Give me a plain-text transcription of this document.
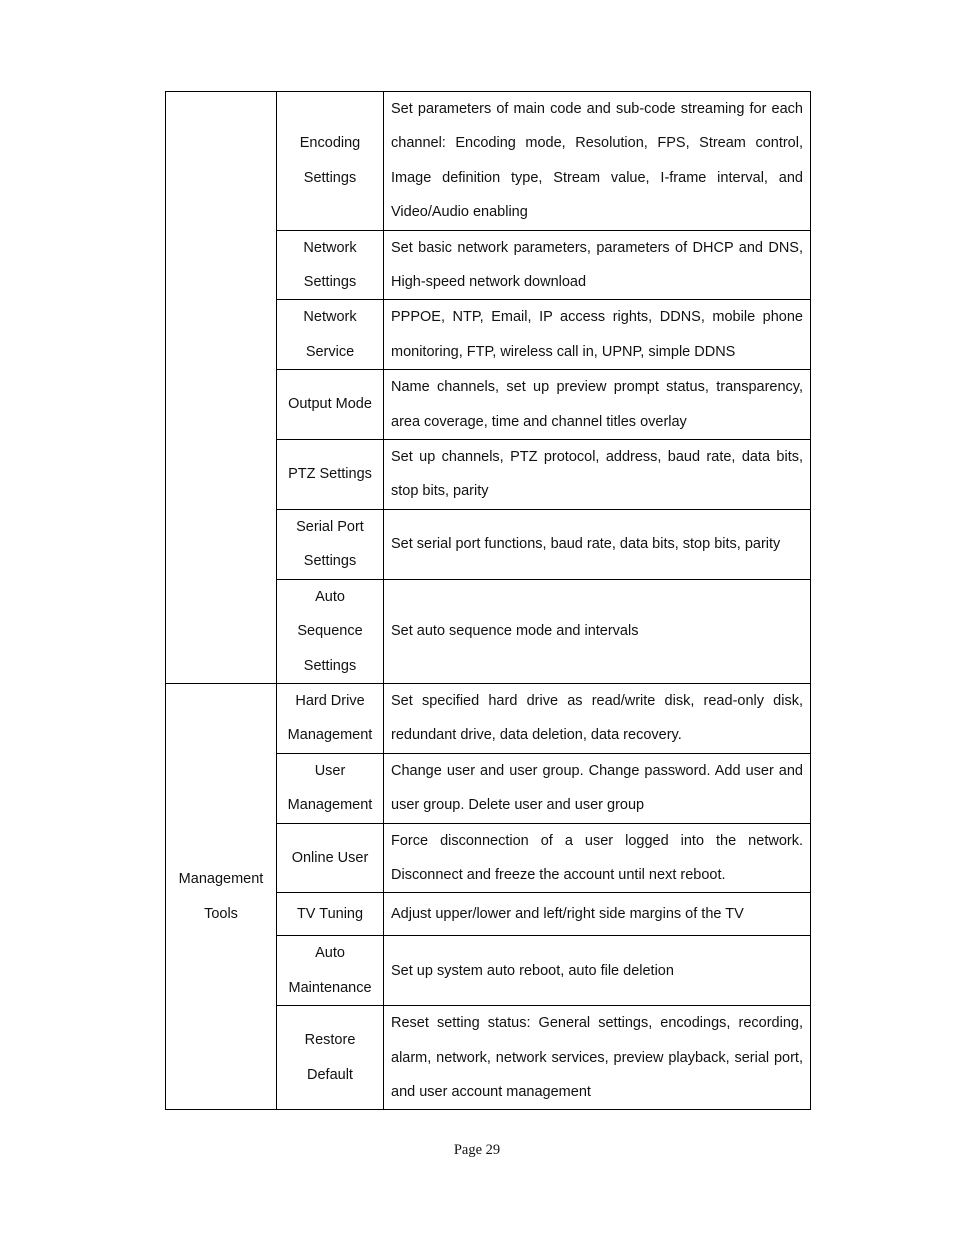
	Encoding Settings	Set parameters of main code and sub-code streaming for each channel: Encoding mode, Resolution, FPS, Stream control, Image definition type, Stream value, I-frame interval, and Video/Audio enabling
	Network Settings	Set basic network parameters, parameters of DHCP and DNS, High-speed network download
	Network Service	PPPOE, NTP, Email, IP access rights, DDNS, mobile phone monitoring, FTP, wireless call in, UPNP, simple DDNS
	Output Mode	Name channels, set up preview prompt status, transparency, area coverage, time and channel titles overlay
	PTZ Settings	Set up channels, PTZ protocol, address, baud rate, data bits, stop bits, parity
	Serial Port Settings	Set serial port functions, baud rate, data bits, stop bits, parity
	Auto Sequence Settings	Set auto sequence mode and intervals
Management Tools	Hard Drive Management	Set specified hard drive as read/write disk, read-only disk, redundant drive, data deletion, data recovery.
	User Management	Change user and user group. Change password. Add user and user group. Delete user and user group
	Online User	Force disconnection of a user logged into the network. Disconnect and freeze the account until next reboot.
	TV Tuning	Adjust upper/lower and left/right side margins of the TV
	Auto Maintenance	Set up system auto reboot, auto file deletion
	Restore Default	Reset setting status: General settings, encodings, recording, alarm, network, network services, preview playback, serial port, and user account management
Page 29
